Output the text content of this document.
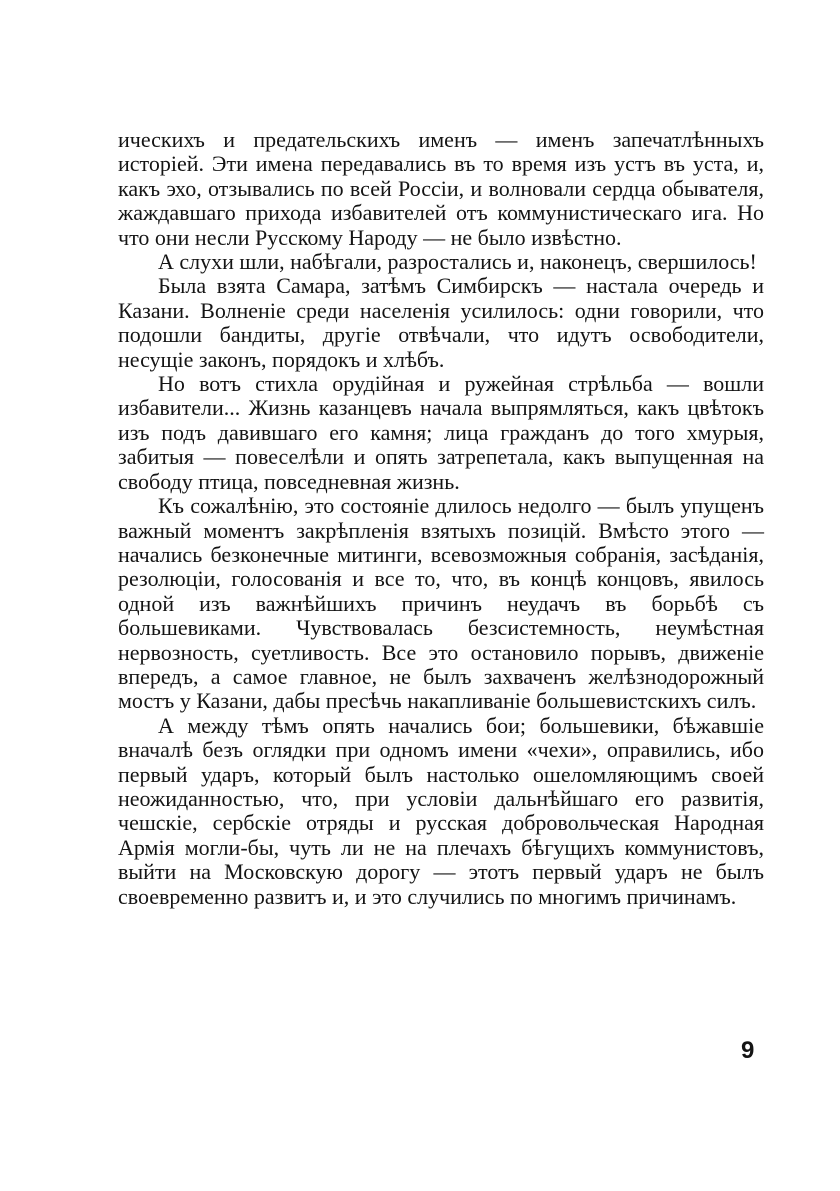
ическихъ и предательскихъ именъ — именъ запечатлѣнныхъ исторіей. Эти имена передавались въ то время изъ устъ въ уста, и, какъ эхо, отзывались по всей Россіи, и волновали сердца обывателя, жаждавшаго прихода избавителей отъ коммунистическаго ига. Но что они несли Русскому Народу — не было извѣстно.

А слухи шли, набѣгали, разростались и, наконецъ, свершилось!

Была взята Самара, затѣмъ Симбирскъ — настала очередь и Казани. Волненіе среди населенія усилилось: одни говорили, что подошли бандиты, другіе отвѣчали, что идутъ освободители, несущіе законъ, порядокъ и хлѣбъ.

Но вотъ стихла орудійная и ружейная стрѣльба — вошли избавители... Жизнь казанцевъ начала выпрямляться, какъ цвѣтокъ изъ подъ давившаго его камня; лица гражданъ до того хмурыя, забитыя — повеселѣли и опять затрепетала, какъ выпущенная на свободу птица, повседневная жизнь.

Къ сожалѣнію, это состояніе длилось недолго — былъ упущенъ важный моментъ закрѣпленія взятыхъ позицій. Вмѣсто этого — начались безконечные митинги, всевозможныя собранія, засѣданія, резолюціи, голосованія и все то, что, въ концѣ концовъ, явилось одной изъ важнѣйшихъ причинъ неудачъ въ борьбѣ съ большевиками. Чувствовалась безсистемность, неумѣстная нервозность, суетливость. Все это остановило порывъ, движеніе впередъ, а самое главное, не былъ захваченъ желѣзнодорожный мостъ у Казани, дабы пресѣчь накапливаніе большевистскихъ силъ.

А между тѣмъ опять начались бои; большевики, бѣжавшіе вначалѣ безъ оглядки при одномъ имени «чехи», оправились, ибо первый ударъ, который былъ настолько ошеломляющимъ своей неожиданностью, что, при условіи дальнѣйшаго его развитія, чешскіе, сербскіе отряды и русская добровольческая Народная Армія могли-бы, чуть ли не на плечахъ бѣгущихъ коммунистовъ, выйти на Московскую дорогу — этотъ первый ударъ не былъ своевременно развитъ и, и это случились по многимъ причинамъ.

9
